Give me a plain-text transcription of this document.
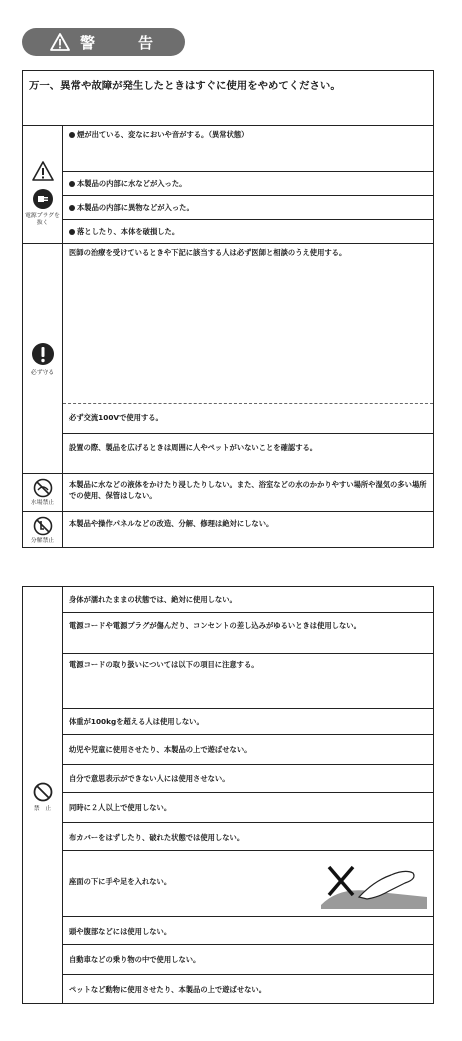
警　告
万一、異常や故障が発生したときはすぐに使用をやめてください。
電源プラグを抜く
煙が出ている、変なにおいや音がする。（異常状態）
本製品の内部に水などが入った。
本製品の内部に異物などが入った。
落としたり、本体を破損した。
必ず守る
医師の治療を受けているときや下記に該当する人は必ず医師と相談のうえ使用する。
必ず交流100Vで使用する。
設置の際、製品を広げるときは周囲に人やペットがいないことを確認する。
水場禁止
本製品に水などの液体をかけたり浸したりしない。また、浴室などの水のかかりやすい場所や湿気の多い場所での使用、保管はしない。
分解禁止
本製品や操作パネルなどの改造、分解、修理は絶対にしない。
禁　止
身体が濡れたままの状態では、絶対に使用しない。
電源コードや電源プラグが傷んだり、コンセントの差し込みがゆるいときは使用しない。
電源コードの取り扱いについては以下の項目に注意する。
体重が100kgを超える人は使用しない。
幼児や児童に使用させたり、本製品の上で遊ばせない。
自分で意思表示ができない人には使用させない。
同時に２人以上で使用しない。
布カバーをはずしたり、破れた状態では使用しない。
座面の下に手や足を入れない。
頭や腹部などには使用しない。
自動車などの乗り物の中で使用しない。
ペットなど動物に使用させたり、本製品の上で遊ばせない。
